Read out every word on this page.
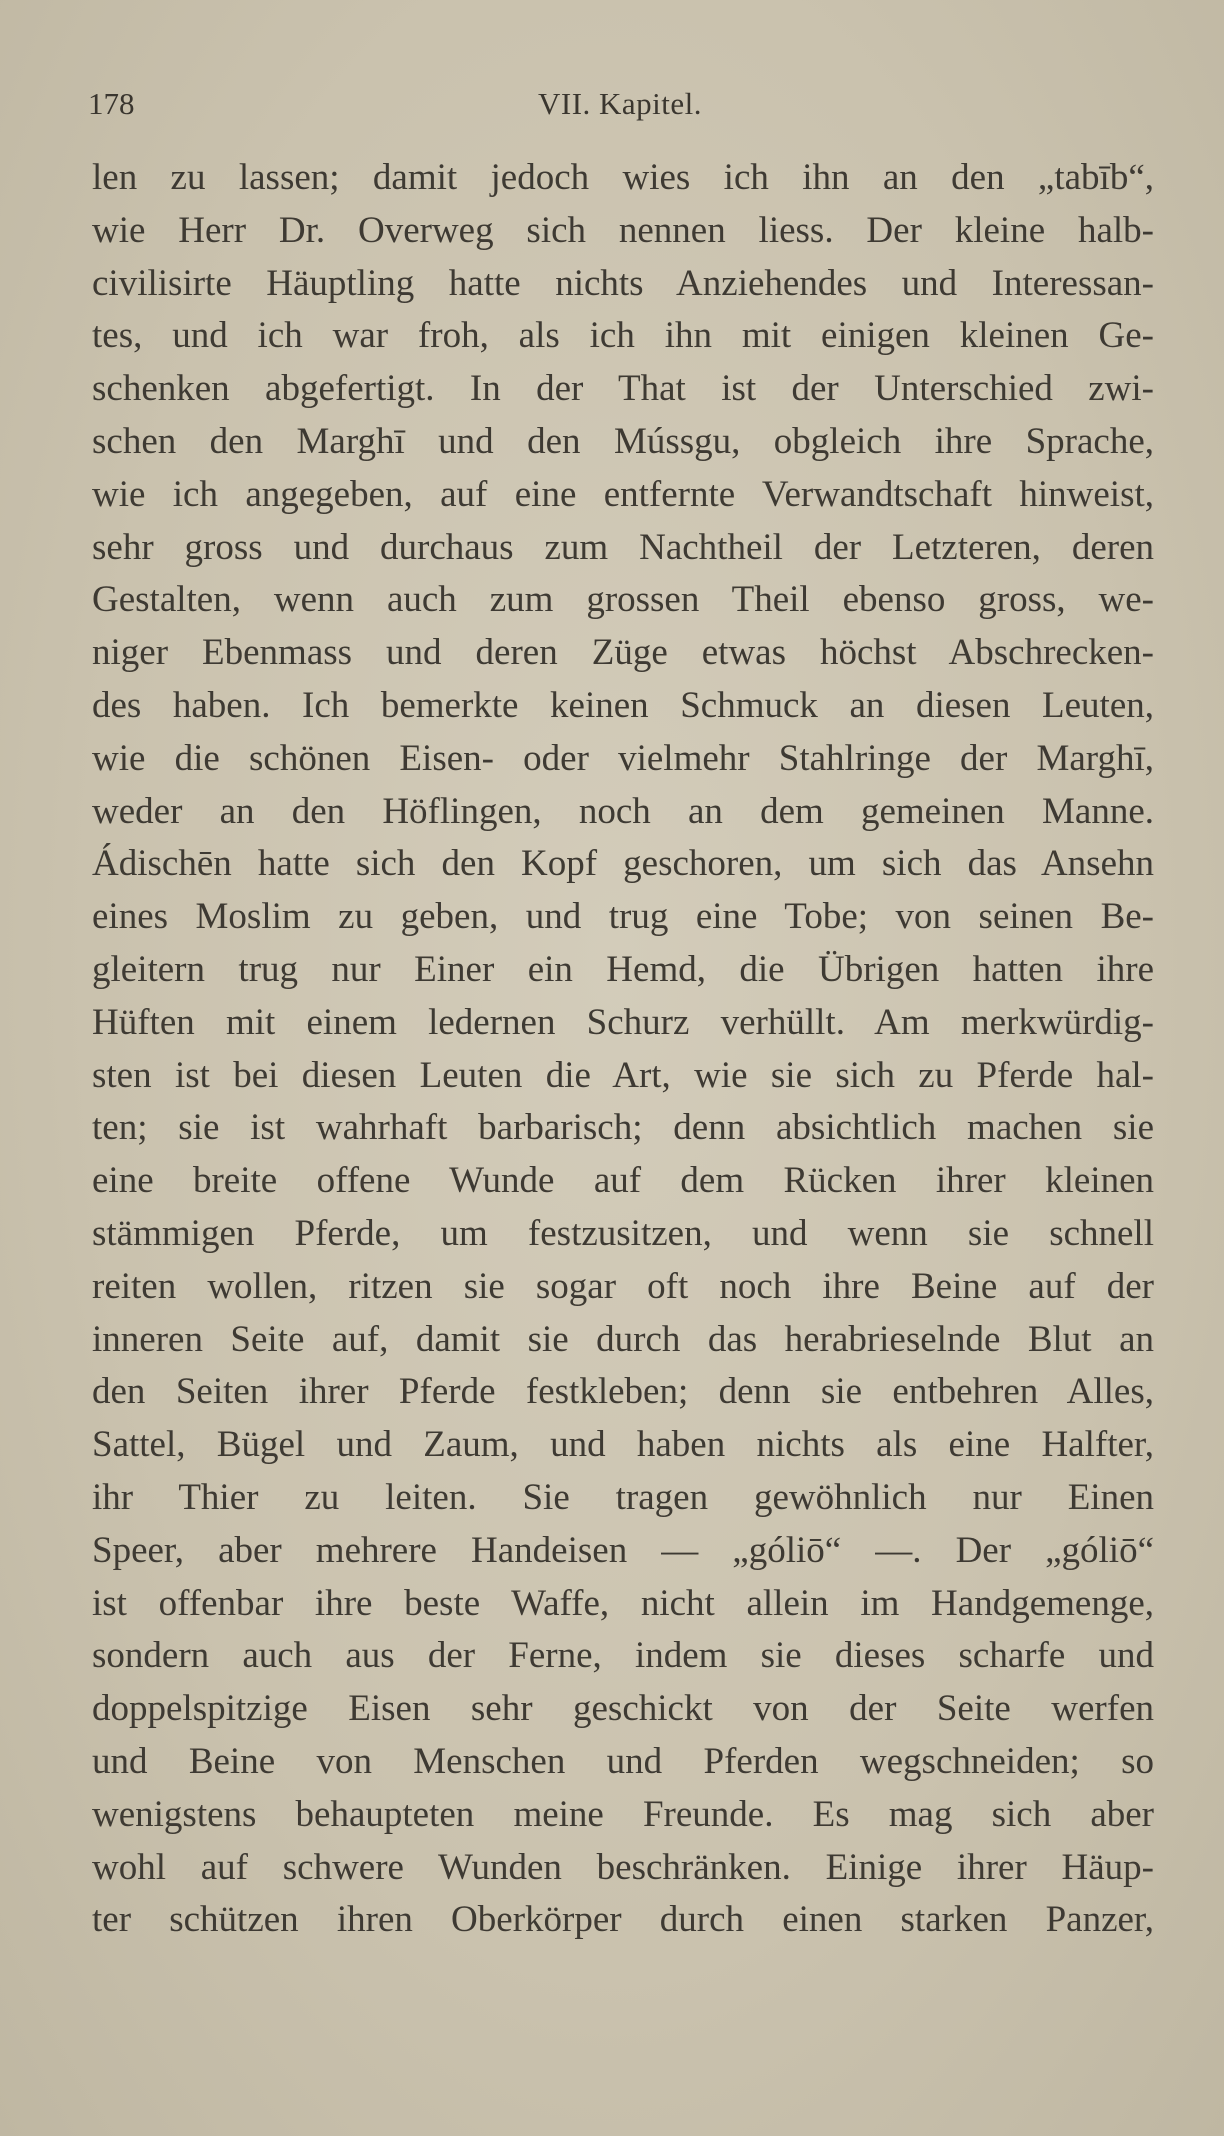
178	VII. Kapitel.
len zu lassen; damit jedoch wies ich ihn an den „tabīb“,
wie Herr Dr. Overweg sich nennen liess. Der kleine halb-
civilisirte Häuptling hatte nichts Anziehendes und Interessan-
tes, und ich war froh, als ich ihn mit einigen kleinen Ge-
schenken abgefertigt. In der That ist der Unterschied zwi-
schen den Marghī und den Mússgu, obgleich ihre Sprache,
wie ich angegeben, auf eine entfernte Verwandtschaft hinweist,
sehr gross und durchaus zum Nachtheil der Letzteren, deren
Gestalten, wenn auch zum grossen Theil ebenso gross, we-
niger Ebenmass und deren Züge etwas höchst Abschrecken-
des haben. Ich bemerkte keinen Schmuck an diesen Leuten,
wie die schönen Eisen- oder vielmehr Stahlringe der Marghī,
weder an den Höflingen, noch an dem gemeinen Manne.
Ádischēn hatte sich den Kopf geschoren, um sich das Ansehn
eines Moslim zu geben, und trug eine Tobe; von seinen Be-
gleitern trug nur Einer ein Hemd, die Übrigen hatten ihre
Hüften mit einem ledernen Schurz verhüllt. Am merkwürdig-
sten ist bei diesen Leuten die Art, wie sie sich zu Pferde hal-
ten; sie ist wahrhaft barbarisch; denn absichtlich machen sie
eine breite offene Wunde auf dem Rücken ihrer kleinen
stämmigen Pferde, um festzusitzen, und wenn sie schnell
reiten wollen, ritzen sie sogar oft noch ihre Beine auf der
inneren Seite auf, damit sie durch das herabrieselnde Blut an
den Seiten ihrer Pferde festkleben; denn sie entbehren Alles,
Sattel, Bügel und Zaum, und haben nichts als eine Halfter,
ihr Thier zu leiten. Sie tragen gewöhnlich nur Einen
Speer, aber mehrere Handeisen — „góliō“ —. Der „góliō“
ist offenbar ihre beste Waffe, nicht allein im Handgemenge,
sondern auch aus der Ferne, indem sie dieses scharfe und
doppelspitzige Eisen sehr geschickt von der Seite werfen
und Beine von Menschen und Pferden wegschneiden; so
wenigstens behaupteten meine Freunde. Es mag sich aber
wohl auf schwere Wunden beschränken. Einige ihrer Häup-
ter schützen ihren Oberkörper durch einen starken Panzer,
